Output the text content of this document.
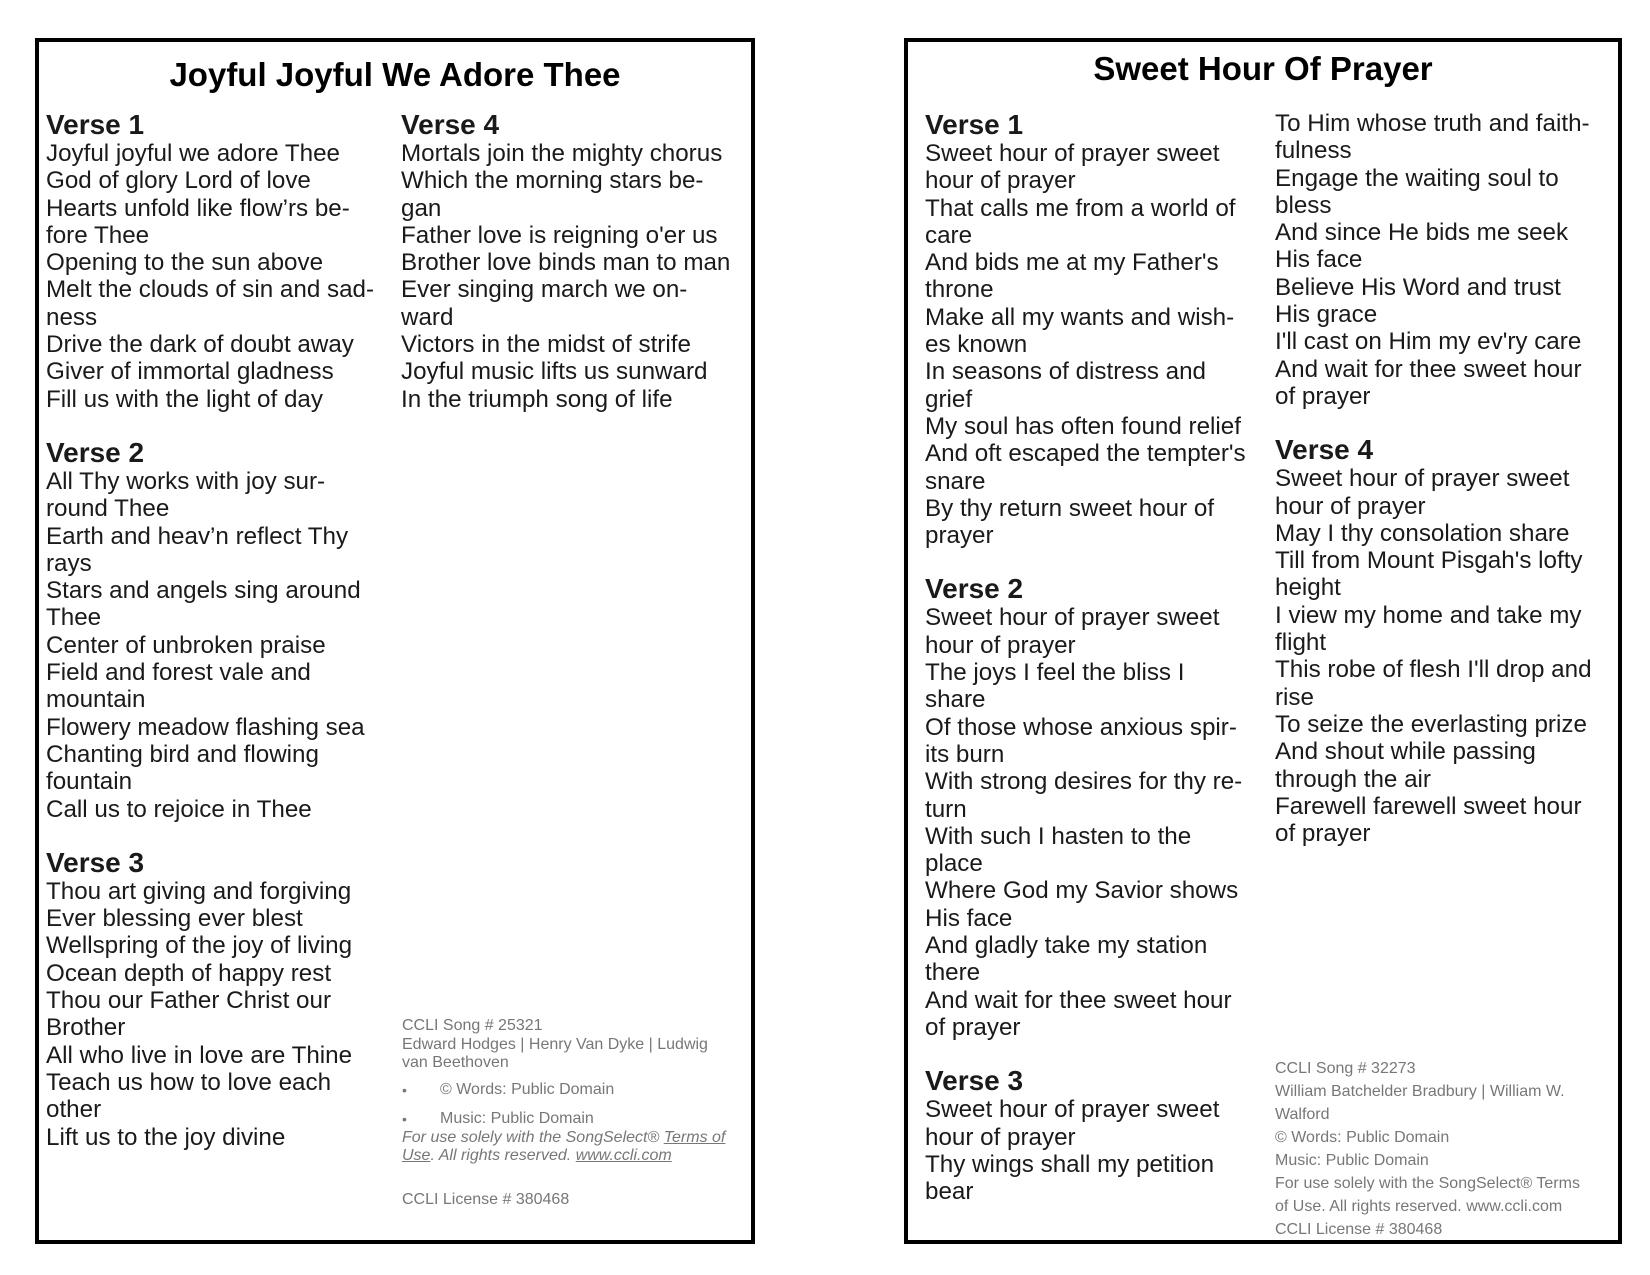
Joyful Joyful We Adore Thee

Verse 1

Joyful joyful we adore Thee

God of glory Lord of love

Hearts unfold like flow’rs be-

fore Thee

Opening to the sun above

Melt the clouds of sin and sad-

ness

Drive the dark of doubt away

Giver of immortal gladness

Fill us with the light of day

Verse 2

All Thy works with joy sur-

round Thee

Earth and heav’n reflect Thy

rays

Stars and angels sing around

Thee

Center of unbroken praise

Field and forest vale and

mountain

Flowery meadow flashing sea

Chanting bird and flowing

fountain

Call us to rejoice in Thee

Verse 3

Thou art giving and forgiving

Ever blessing ever blest

Wellspring of the joy of living

Ocean depth of happy rest

Thou our Father Christ our

Brother

All who live in love are Thine

Teach us how to love each

other

Lift us to the joy divine

Verse 4

Mortals join the mighty chorus

Which the morning stars be-

gan

Father love is reigning o'er us

Brother love binds man to man

Ever singing march we on-

ward

Victors in the midst of strife

Joyful music lifts us sunward

In the triumph song of life

CCLI Song # 25321

Edward Hodges | Henry Van Dyke | Ludwig

van Beethoven

•	© Words: Public Domain
•	Music: Public Domain

For use solely with the SongSelect® Terms of
Use. All rights reserved. www.ccli.com

CCLI License # 380468

Sweet Hour Of Prayer

Verse 1

Sweet hour of prayer sweet

hour of prayer

That calls me from a world of

care

And bids me at my Father's

throne

Make all my wants and wish-

es known

In seasons of distress and

grief

My soul has often found relief

And oft escaped the tempter's

snare

By thy return sweet hour of

prayer

Verse 2

Sweet hour of prayer sweet

hour of prayer

The joys I feel the bliss I

share

Of those whose anxious spir-

its burn

With strong desires for thy re-

turn

With such I hasten to the

place

Where God my Savior shows

His face

And gladly take my station

there

And wait for thee sweet hour

of prayer

Verse 3

Sweet hour of prayer sweet

hour of prayer

Thy wings shall my petition

bear

To Him whose truth and faith-

fulness

Engage the waiting soul to

bless

And since He bids me seek

His face

Believe His Word and trust

His grace

I'll cast on Him my ev'ry care

And wait for thee sweet hour

of prayer

Verse 4

Sweet hour of prayer sweet

hour of prayer

May I thy consolation share

Till from Mount Pisgah's lofty

height

I view my home and take my

flight

This robe of flesh I'll drop and

rise

To seize the everlasting prize

And shout while passing

through the air

Farewell farewell sweet hour

of prayer

CCLI Song # 32273

William Batchelder Bradbury | William W.

Walford

© Words: Public Domain

Music: Public Domain

For use solely with the SongSelect® Terms

of Use. All rights reserved. www.ccli.com

CCLI License # 380468
